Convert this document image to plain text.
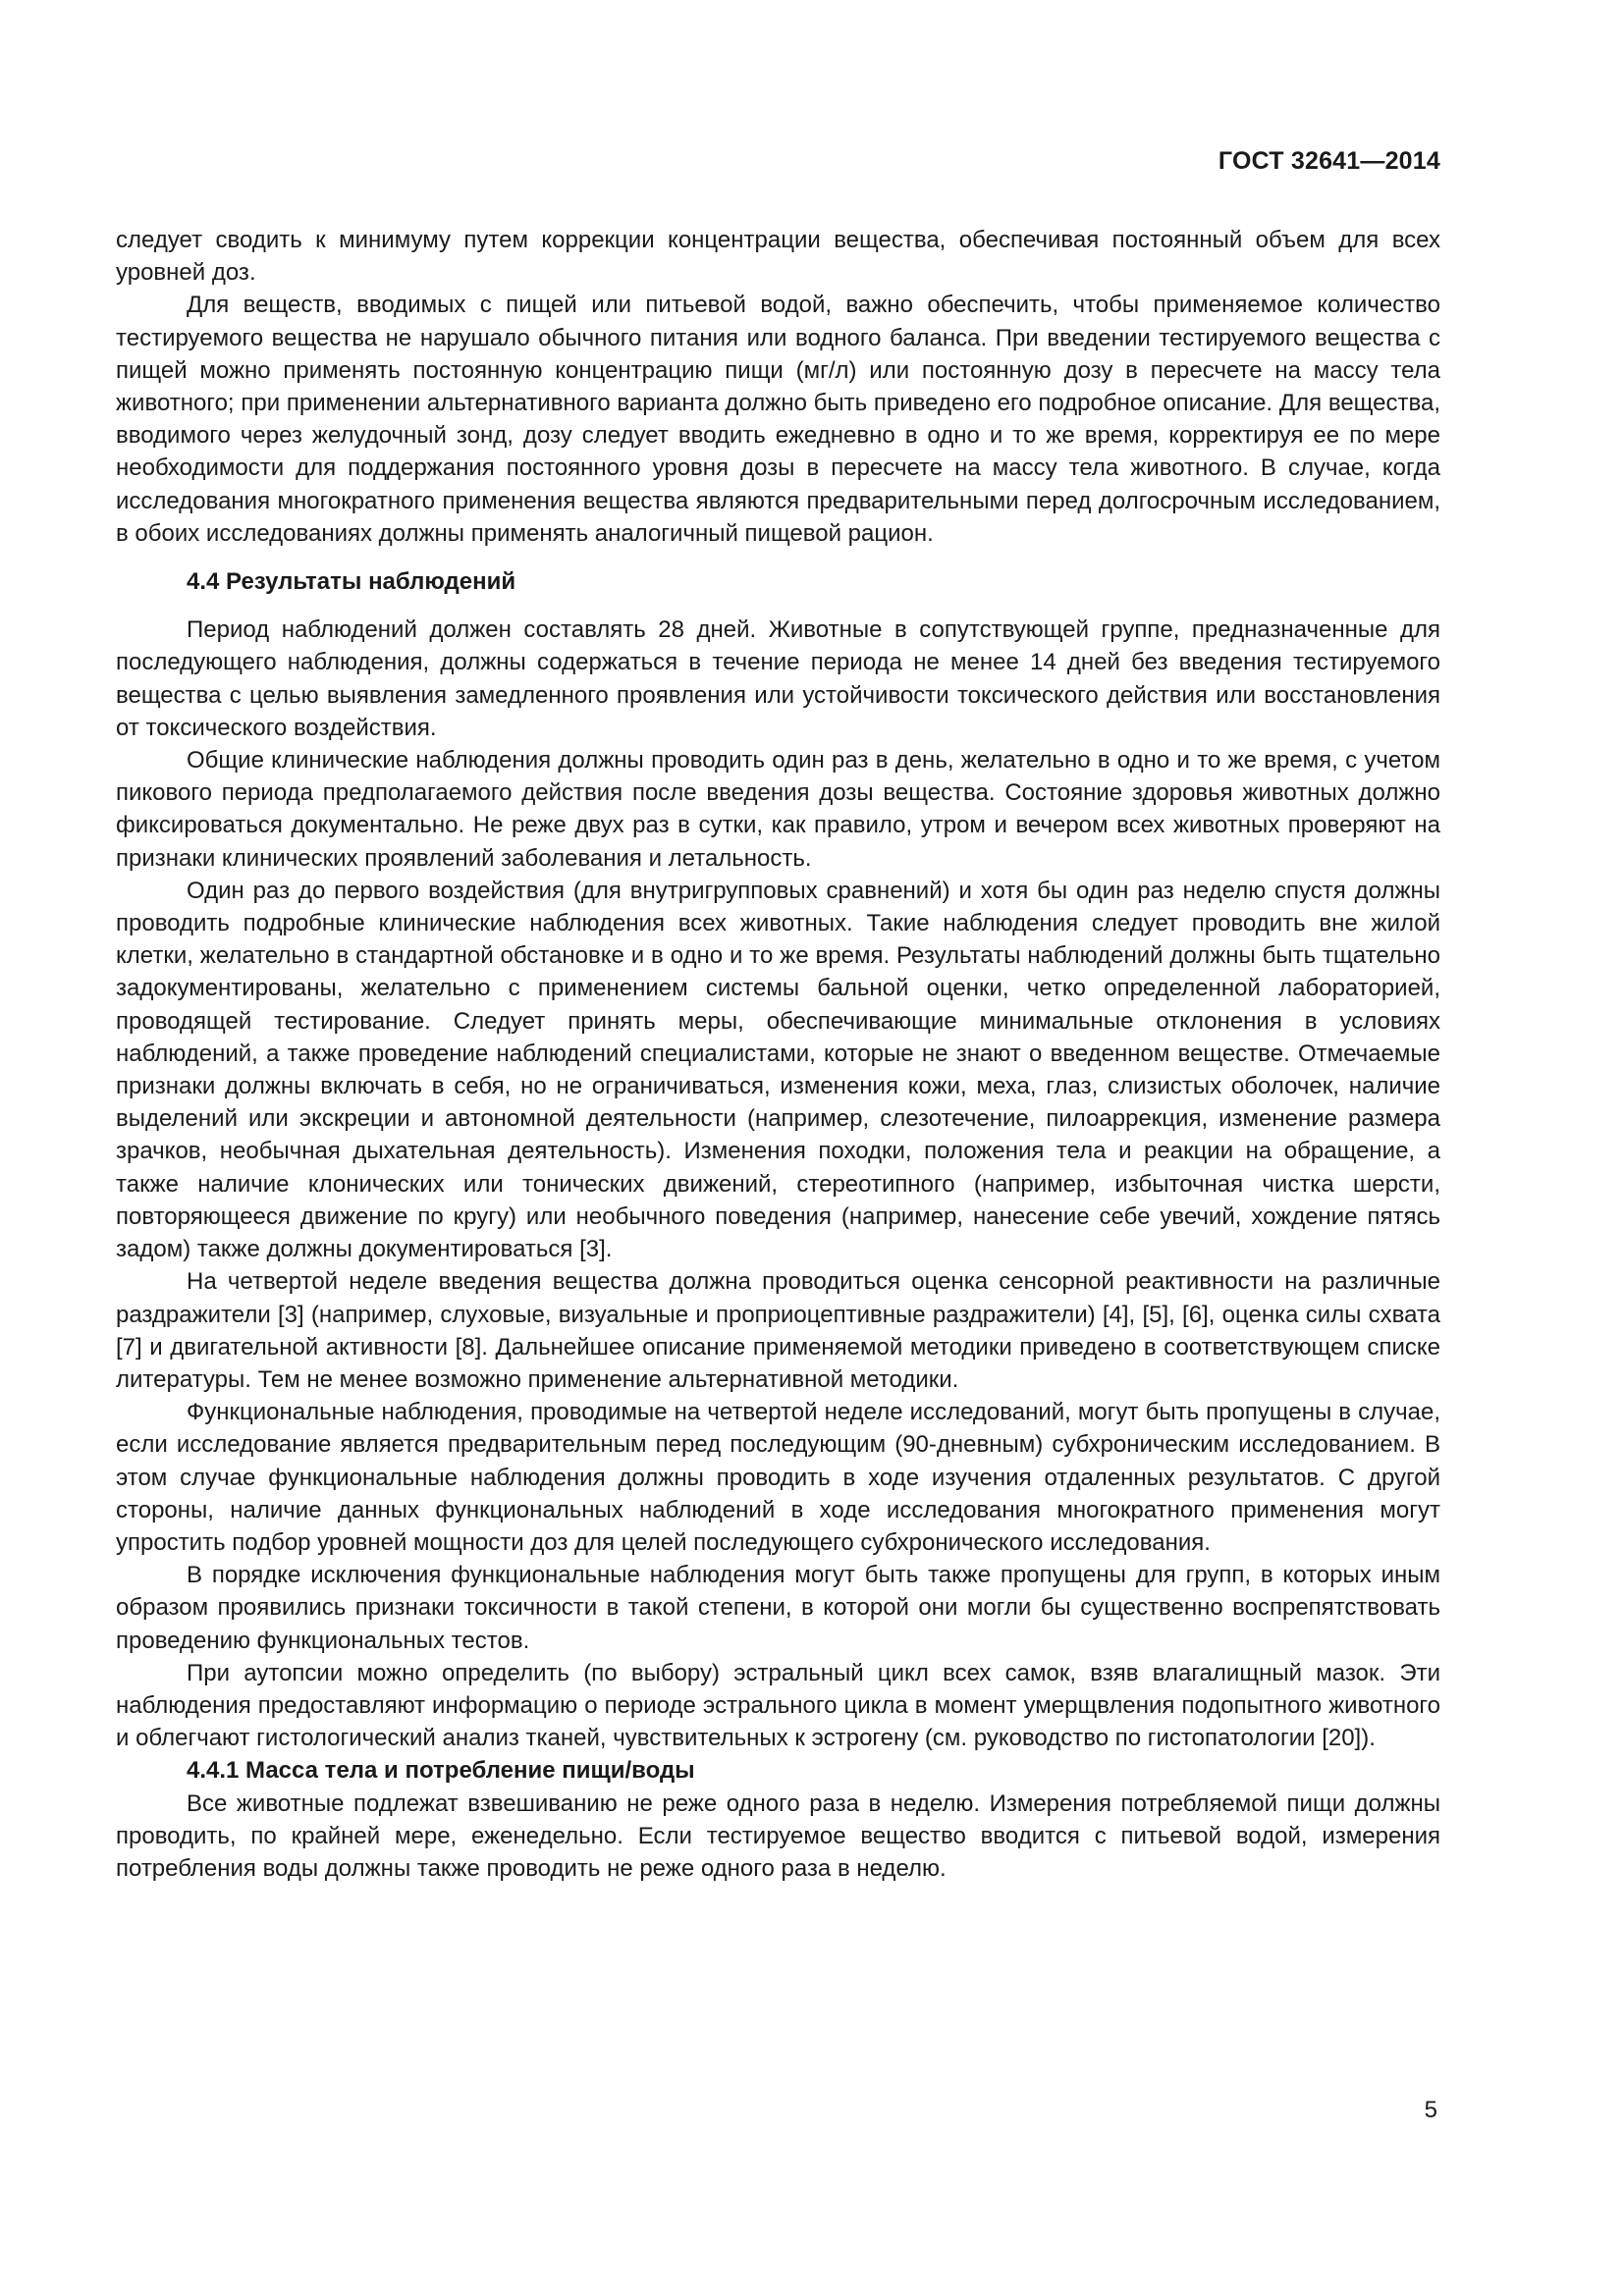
ГОСТ 32641—2014

следует сводить к минимуму путем коррекции концентрации вещества, обеспечивая постоянный объем для всех уровней доз.

Для веществ, вводимых с пищей или питьевой водой, важно обеспечить, чтобы применяемое количество тестируемого вещества не нарушало обычного питания или водного баланса. При введении тестируемого вещества с пищей можно применять постоянную концентрацию пищи (мг/л) или постоянную дозу в пересчете на массу тела животного; при применении альтернативного варианта должно быть приведено его подробное описание. Для вещества, вводимого через желудочный зонд, дозу следует вводить ежедневно в одно и то же время, корректируя ее по мере необходимости для поддержания постоянного уровня дозы в пересчете на массу тела животного. В случае, когда исследования многократного применения вещества являются предварительными перед долгосрочным исследованием, в обоих исследованиях должны применять аналогичный пищевой рацион.

4.4 Результаты наблюдений

Период наблюдений должен составлять 28 дней. Животные в сопутствующей группе, предназначенные для последующего наблюдения, должны содержаться в течение периода не менее 14 дней без введения тестируемого вещества с целью выявления замедленного проявления или устойчивости токсического действия или восстановления от токсического воздействия.

Общие клинические наблюдения должны проводить один раз в день, желательно в одно и то же время, с учетом пикового периода предполагаемого действия после введения дозы вещества. Состояние здоровья животных должно фиксироваться документально. Не реже двух раз в сутки, как правило, утром и вечером всех животных проверяют на признаки клинических проявлений заболевания и летальность.

Один раз до первого воздействия (для внутригрупповых сравнений) и хотя бы один раз неделю спустя должны проводить подробные клинические наблюдения всех животных. Такие наблюдения следует проводить вне жилой клетки, желательно в стандартной обстановке и в одно и то же время. Результаты наблюдений должны быть тщательно задокументированы, желательно с применением системы бальной оценки, четко определенной лабораторией, проводящей тестирование. Следует принять меры, обеспечивающие минимальные отклонения в условиях наблюдений, а также проведение наблюдений специалистами, которые не знают о введенном веществе. Отмечаемые признаки должны включать в себя, но не ограничиваться, изменения кожи, меха, глаз, слизистых оболочек, наличие выделений или экскреции и автономной деятельности (например, слезотечение, пилоаррекция, изменение размера зрачков, необычная дыхательная деятельность). Изменения походки, положения тела и реакции на обращение, а также наличие клонических или тонических движений, стереотипного (например, избыточная чистка шерсти, повторяющееся движение по кругу) или необычного поведения (например, нанесение себе увечий, хождение пятясь задом) также должны документироваться [3].

На четвертой неделе введения вещества должна проводиться оценка сенсорной реактивности на различные раздражители [3] (например, слуховые, визуальные и проприоцептивные раздражители) [4], [5], [6], оценка силы схвата [7] и двигательной активности [8]. Дальнейшее описание применяемой методики приведено в соответствующем списке литературы. Тем не менее возможно применение альтернативной методики.

Функциональные наблюдения, проводимые на четвертой неделе исследований, могут быть пропущены в случае, если исследование является предварительным перед последующим (90-дневным) субхроническим исследованием. В этом случае функциональные наблюдения должны проводить в ходе изучения отдаленных результатов. С другой стороны, наличие данных функциональных наблюдений в ходе исследования многократного применения могут упростить подбор уровней мощности доз для целей последующего субхронического исследования.

В порядке исключения функциональные наблюдения могут быть также пропущены для групп, в которых иным образом проявились признаки токсичности в такой степени, в которой они могли бы существенно воспрепятствовать проведению функциональных тестов.

При аутопсии можно определить (по выбору) эстральный цикл всех самок, взяв влагалищный мазок. Эти наблюдения предоставляют информацию о периоде эстрального цикла в момент умерщвления подопытного животного и облегчают гистологический анализ тканей, чувствительных к эстрогену (см. руководство по гистопатологии [20]).

4.4.1 Масса тела и потребление пищи/воды

Все животные подлежат взвешиванию не реже одного раза в неделю. Измерения потребляемой пищи должны проводить, по крайней мере, еженедельно. Если тестируемое вещество вводится с питьевой водой, измерения потребления воды должны также проводить не реже одного раза в неделю.

5
